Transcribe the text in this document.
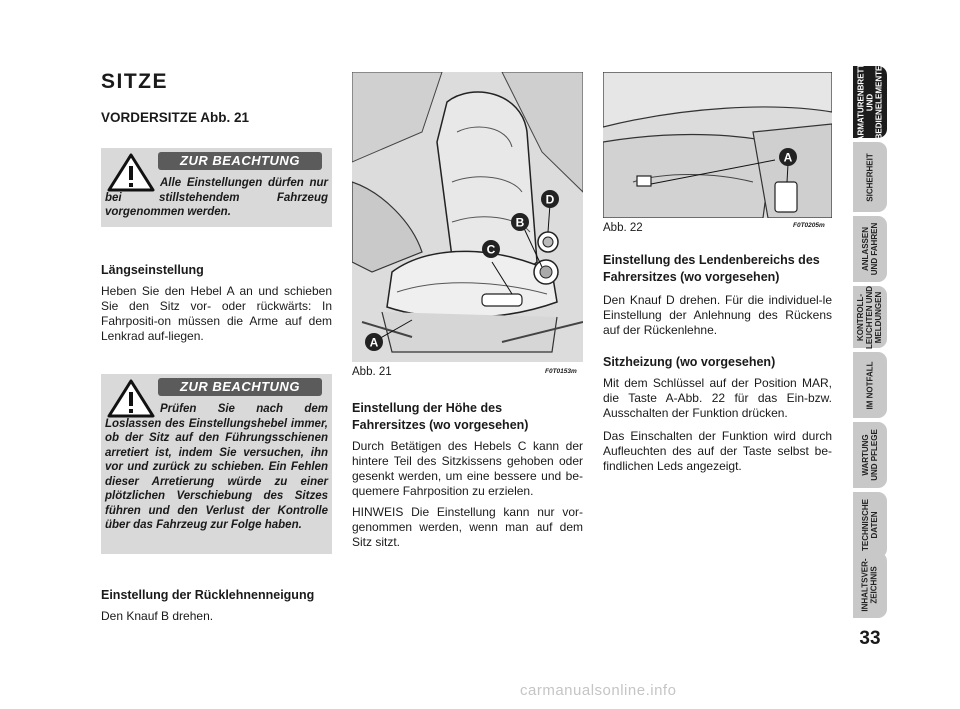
SITZE
VORDERSITZE Abb. 21
ZUR BEACHTUNG
Alle Einstellungen dürfen nur bei stillstehendem Fahrzeug vorgenommen werden.
Längseinstellung
Heben Sie den Hebel A an und schieben Sie den Sitz vor- oder rückwärts: In Fahrpositi-on müssen die Arme auf dem Lenkrad auf-liegen.
ZUR BEACHTUNG
Prüfen Sie nach dem Loslassen des Einstellungshebel immer, ob der Sitz auf den Führungsschienen arretiert ist, indem Sie versuchen, ihn vor und zurück zu schieben. Ein Fehlen dieser Arretierung würde zu einer plötzlichen Verschiebung des Sitzes führen und den Verlust der Kontrolle über das Fahrzeug zur Folge haben.
Einstellung der Rücklehnenneigung
Den Knauf B drehen.
A
B
C
D
Abb. 21	F0T0153m
Einstellung der Höhe des Fahrersitzes (wo vorgesehen)
Durch Betätigen des Hebels C kann der hintere Teil des Sitzkissens gehoben oder gesenkt werden, um eine bessere und be-quemere Fahrposition zu erzielen.
HINWEIS Die Einstellung kann nur vor-genommen werden, wenn man auf dem Sitz sitzt.
A
Abb. 22	F0T0205m
Einstellung des Lendenbereichs des Fahrersitzes (wo vorgesehen)
Den Knauf D drehen. Für die individuel-le Einstellung der Anlehnung des Rückens auf der Rückenlehne.
Sitzheizung (wo vorgesehen)
Mit dem Schlüssel auf der Position MAR, die Taste A-Abb. 22 für das Ein-bzw. Ausschalten der Funktion drücken.
Das Einschalten der Funktion wird durch Aufleuchten des auf der Taste selbst be-findlichen Leds angezeigt.
ARMATURENBRETT
UND
BEDIENELEMENTE
SICHERHEIT
ANLASSEN
UND FAHREN
KONTROLL-
LEUCHTEN UND
MELDUNGEN
IM NOTFALL
WARTUNG
UND PFLEGE
TECHNISCHE
DATEN
INHALTSVER-
ZEICHNIS
33
carmanualsonline.info
